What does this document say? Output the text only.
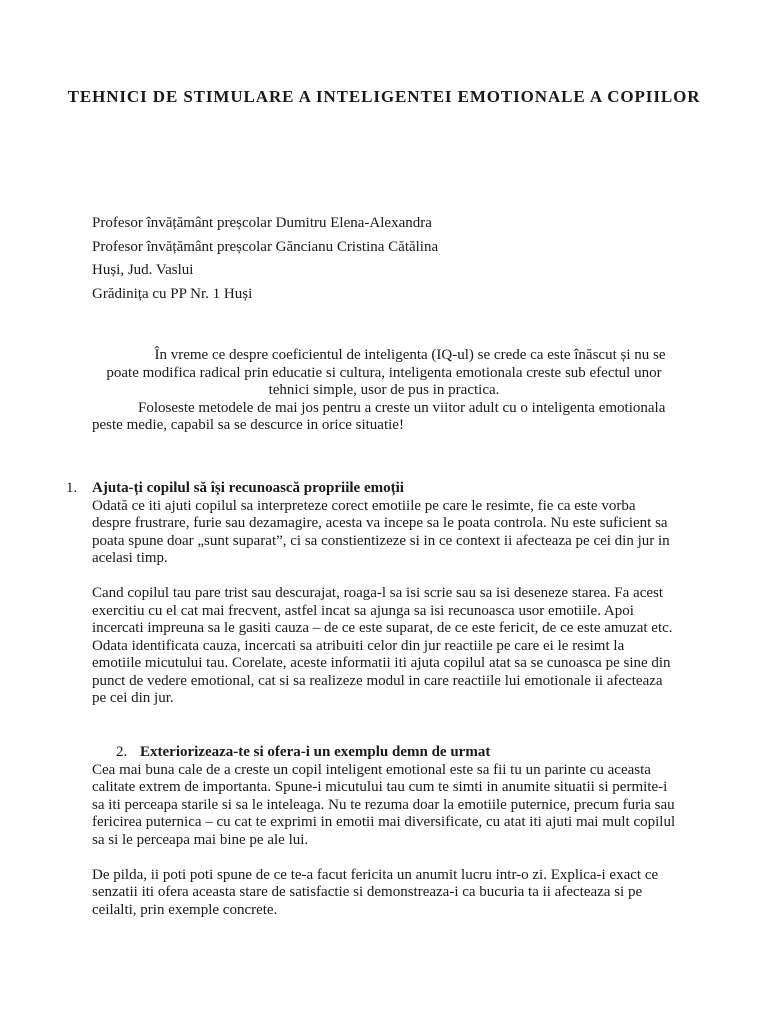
TEHNICI DE STIMULARE A INTELIGENTEI EMOTIONALE A COPIILOR
Profesor învățământ preșcolar Dumitru Elena-Alexandra
Profesor învățământ preșcolar Găncianu Cristina Cătălina
Huși, Jud. Vaslui
Grădinița cu PP Nr. 1 Huși
În vreme ce despre coeficientul de inteligenta (IQ-ul) se crede ca este înăscut și nu se poate modifica radical prin educatie si cultura, inteligenta emotionala creste sub efectul unor tehnici simple, usor de pus in practica.
Foloseste metodele de mai jos pentru a creste un viitor adult cu o inteligenta emotionala peste medie, capabil sa se descurce in orice situatie!
1. Ajuta-ți copilul să își recunoască propriile emoții

Odată ce iti ajuti copilul sa interpreteze corect emotiile pe care le resimte, fie ca este vorba despre frustrare, furie sau dezamagire, acesta va incepe sa le poata controla. Nu este suficient sa poata spune doar „sunt suparat”, ci sa constientizeze si in ce context ii afecteaza pe cei din jur in acelasi timp.

Cand copilul tau pare trist sau descurajat, roaga-l sa isi scrie sau sa isi deseneze starea. Fa acest exercitiu cu el cat mai frecvent, astfel incat sa ajunga sa isi recunoasca usor emotiile. Apoi incercati impreuna sa le gasiti cauza – de ce este suparat, de ce este fericit, de ce este amuzat etc. Odata identificata cauza, incercati sa atribuiti celor din jur reactiile pe care ei le resimt la emotiile micutului tau. Corelate, aceste informatii iti ajuta copilul atat sa se cunoasca pe sine din punct de vedere emotional, cat si sa realizeze modul in care reactiile lui emotionale ii afecteaza pe cei din jur.

2. Exteriorizeaza-te si ofera-i un exemplu demn de urmat

Cea mai buna cale de a creste un copil inteligent emotional este sa fii tu un parinte cu aceasta calitate extrem de importanta. Spune-i micutului tau cum te simti in anumite situatii si permite-i sa iti perceapa starile si sa le inteleaga. Nu te rezuma doar la emotiile puternice, precum furia sau fericirea puternica – cu cat te exprimi in emotii mai diversificate, cu atat iti ajuti mai mult copilul sa si le perceapa mai bine pe ale lui.

De pilda, ii poti poti spune de ce te-a facut fericita un anumit lucru intr-o zi. Explica-i exact ce senzatii iti ofera aceasta stare de satisfactie si demonstreaza-i ca bucuria ta ii afecteaza si pe ceilalti, prin exemple concrete.
